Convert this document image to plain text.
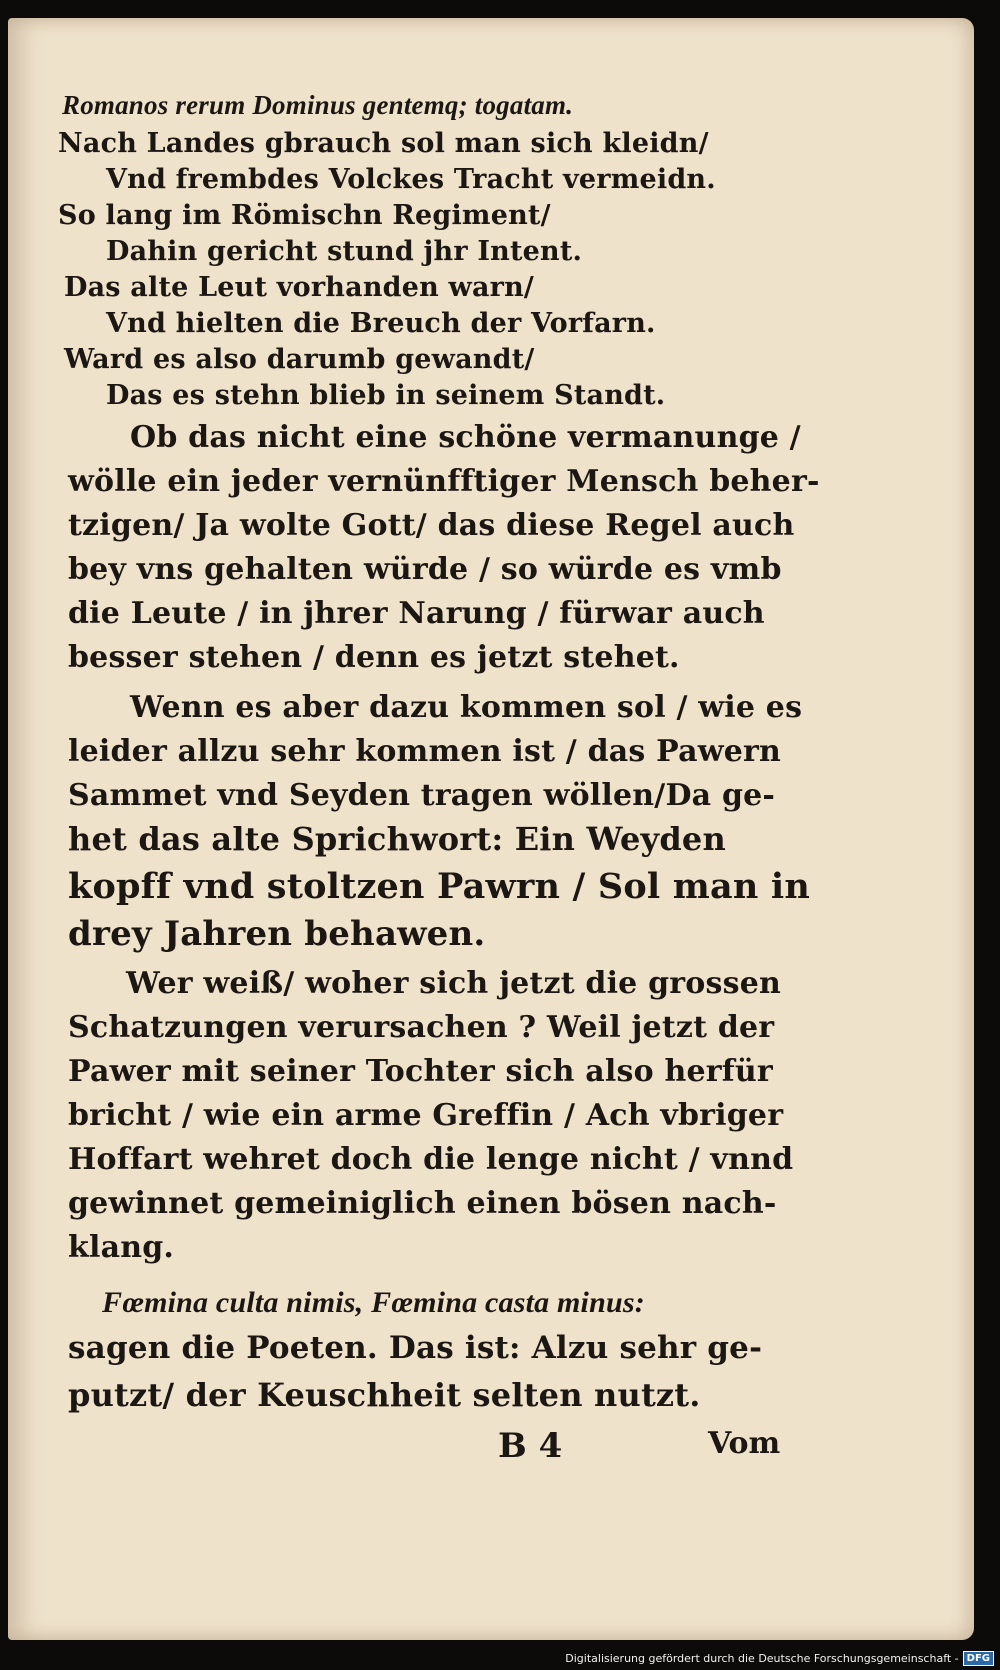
Romanos rerum Dominus gentemq; togatam.
Nach Landes gbrauch sol man sich kleidn/
Vnd frembdes Volckes Tracht vermeidn.
So lang im Römischn Regiment/
Dahin gericht stund jhr Intent.
Das alte Leut vorhanden warn/
Vnd hielten die Breuch der Vorfarn.
Ward es also darumb gewandt/
Das es stehn blieb in seinem Standt.
Ob das nicht eine schöne vermanunge /
wölle ein jeder vernünfftiger Mensch beher-
tzigen/ Ja wolte Gott/ das diese Regel auch
bey vns gehalten würde / so würde es vmb
die Leute / in jhrer Narung / fürwar auch
besser stehen / denn es jetzt stehet.
Wenn es aber dazu kommen sol / wie es
leider allzu sehr kommen ist / das Pawern
Sammet vnd Seyden tragen wöllen/Da ge-
het das alte Sprichwort: Ein Weyden
kopff vnd stoltzen Pawrn / Sol man in
drey Jahren behawen.
Wer weiß/ woher sich jetzt die grossen
Schatzungen verursachen ? Weil jetzt der
Pawer mit seiner Tochter sich also herfür
bricht / wie ein arme Greffin / Ach vbriger
Hoffart wehret doch die lenge nicht / vnnd
gewinnet gemeiniglich einen bösen nach-
klang.
Fœmina culta nimis, Fœmina casta minus:
sagen die Poeten. Das ist: Alzu sehr ge-
putzt/ der Keuschheit selten nutzt.
B 4	Vom
Digitalisierung gefördert durch die Deutsche Forschungsgemeinschaft - DFG
